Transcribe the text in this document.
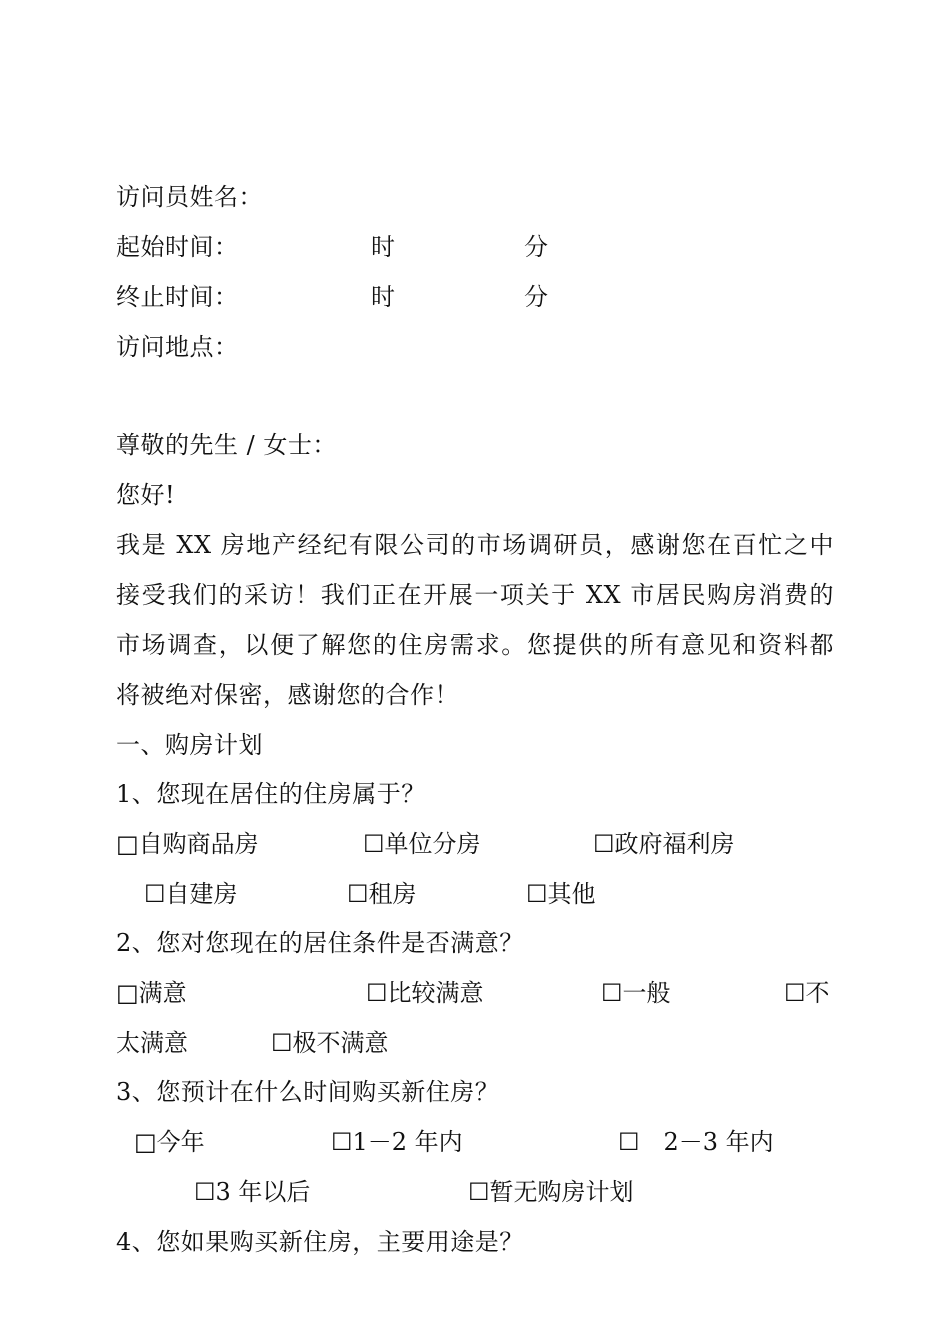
访问员姓名：
起始时间：	时	分
终止时间：	时	分
访问地点：
尊敬的先生 / 女士：
您好!
我是 XX 房地产经纪有限公司的市场调研员，感谢您在百忙之中
接受我们的采访！我们正在开展一项关于 XX 市居民购房消费的
市场调查，以便了解您的住房需求。您提供的所有意见和资料都
将被绝对保密，感谢您的合作！
一、购房计划
1、您现在居住的住房属于？
□自购商品房	☐单位分房	☐政府福利房
☐自建房	☐租房	☐其他
2、您对您现在的居住条件是否满意？
□满意	☐比较满意	☐一般	☐不
太满意	☐极不满意
3、您预计在什么时间购买新住房？
□今年	☐1－2 年内	☐　2－3 年内
☐3 年以后	☐暂无购房计划
4、您如果购买新住房，主要用途是？
